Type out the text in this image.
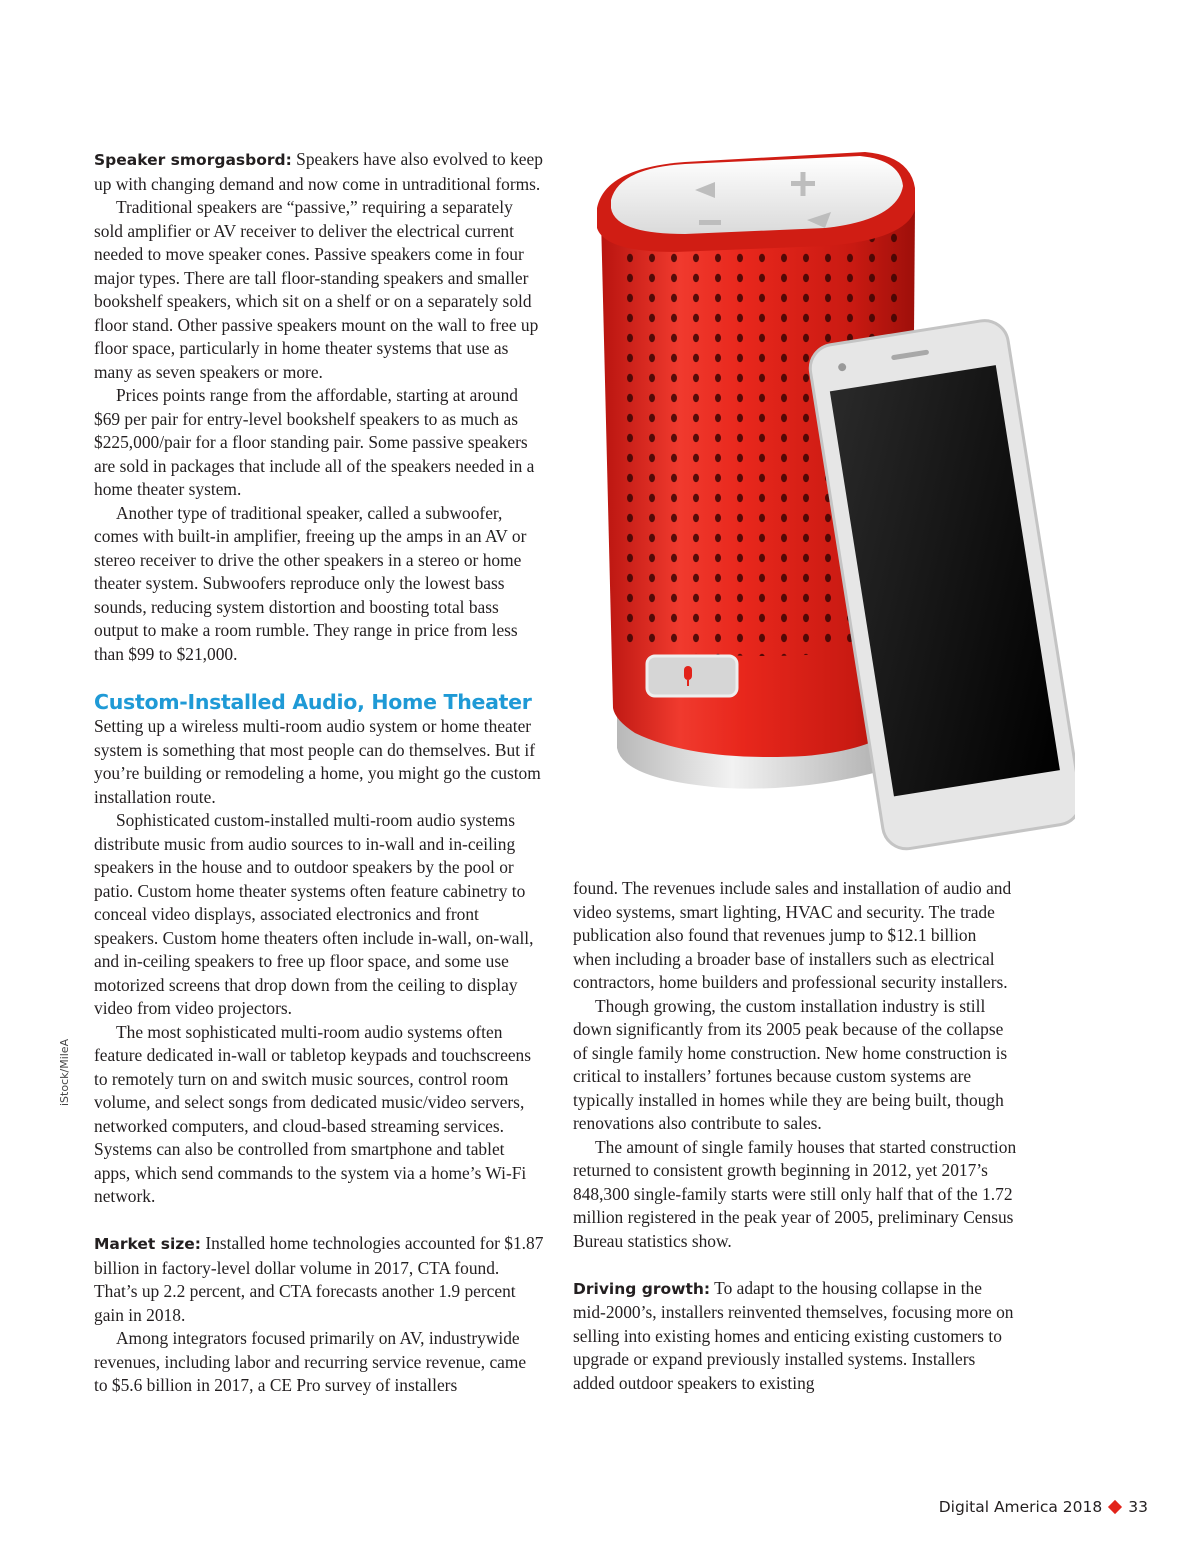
Speaker smorgasbord: Speakers have also evolved to keep up with changing demand and now come in untraditional forms.

Traditional speakers are “passive,” requiring a separately sold amplifier or AV receiver to deliver the electrical current needed to move speaker cones. Passive speakers come in four major types. There are tall floor-standing speakers and smaller bookshelf speakers, which sit on a shelf or on a separately sold floor stand. Other passive speakers mount on the wall to free up floor space, particularly in home theater systems that use as many as seven speakers or more.

Prices points range from the affordable, starting at around $69 per pair for entry-level bookshelf speakers to as much as $225,000/pair for a floor standing pair. Some passive speakers are sold in packages that include all of the speakers needed in a home theater system.

Another type of traditional speaker, called a subwoofer, comes with built-in amplifier, freeing up the amps in an AV or stereo receiver to drive the other speakers in a stereo or home theater system. Subwoofers reproduce only the lowest bass sounds, reducing system distortion and boosting total bass output to make a room rumble. They range in price from less than $99 to $21,000.

Custom-Installed Audio, Home Theater

Setting up a wireless multi-room audio system or home theater system is something that most people can do themselves. But if you’re building or remodeling a home, you might go the custom installation route.

Sophisticated custom-installed multi-room audio systems distribute music from audio sources to in-wall and in-ceiling speakers in the house and to outdoor speakers by the pool or patio. Custom home theater systems often feature cabinetry to conceal video displays, associated electronics and front speakers. Custom home theaters often include in-wall, on-wall, and in-ceiling speakers to free up floor space, and some use motorized screens that drop down from the ceiling to display video from video projectors.

The most sophisticated multi-room audio systems often feature dedicated in-wall or tabletop keypads and touchscreens to remotely turn on and switch music sources, control room volume, and select songs from dedicated music/video servers, networked computers, and cloud-based streaming services. Systems can also be controlled from smartphone and tablet apps, which send commands to the system via a home’s Wi-Fi network.

Market size: Installed home technologies accounted for $1.87 billion in factory-level dollar volume in 2017, CTA found. That’s up 2.2 percent, and CTA forecasts another 1.9 percent gain in 2018.

Among integrators focused primarily on AV, industrywide revenues, including labor and recurring service revenue, came to $5.6 billion in 2017, a CE Pro survey of installers

found. The revenues include sales and installation of audio and video systems, smart lighting, HVAC and security. The trade publication also found that revenues jump to $12.1 billion when including a broader base of installers such as electrical contractors, home builders and professional security installers.

Though growing, the custom installation industry is still down significantly from its 2005 peak because of the collapse of single family home construction. New home construction is critical to installers’ fortunes because custom systems are typically installed in homes while they are being built, though renovations also contribute to sales.

The amount of single family houses that started construction returned to consistent growth beginning in 2012, yet 2017’s 848,300 single-family starts were still only half that of the 1.72 million registered in the peak year of 2005, preliminary Census Bureau statistics show.

Driving growth: To adapt to the housing collapse in the mid-2000’s, installers reinvented themselves, focusing more on selling into existing homes and enticing existing customers to upgrade or expand previously installed systems. Installers added outdoor speakers to existing

iStock/MileA
Digital America 2018 33
